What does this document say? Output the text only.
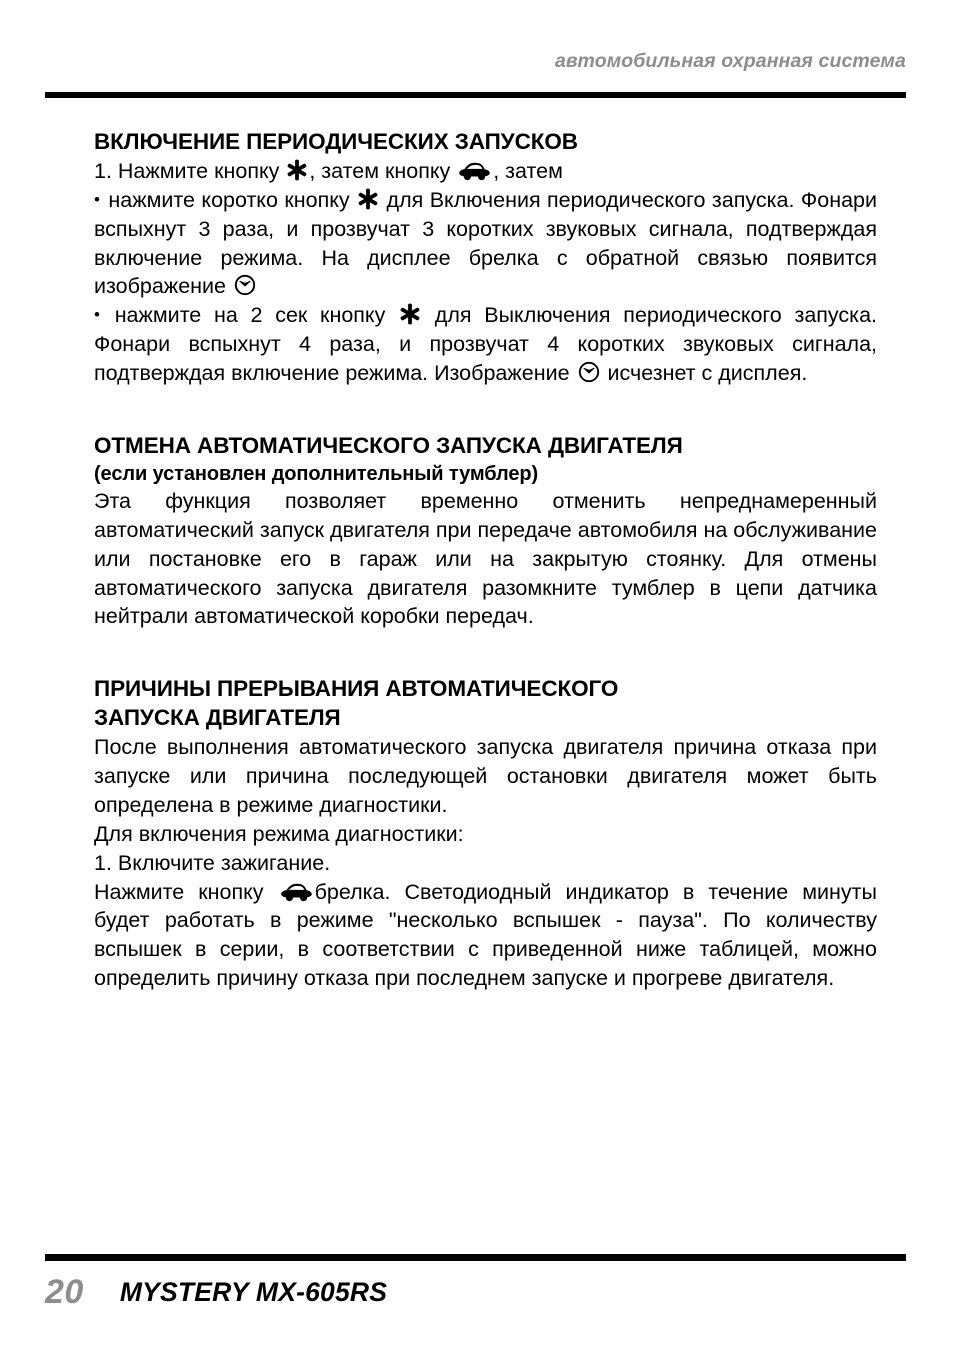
автомобильная охранная система
ВКЛЮЧЕНИЕ ПЕРИОДИЧЕСКИХ ЗАПУСКОВ

1. Нажмите кнопку , затем кнопку , затем

• нажмите коротко кнопку для Включения периодического запуска. Фонари вспыхнут 3 раза, и прозвучат 3 коротких звуковых сигнала, подтверждая включение режима. На дисплее брелка с обратной связью появится изображение

• нажмите на 2 сек кнопку для Выключения периодического запуска. Фонари вспыхнут 4 раза, и прозвучат 4 коротких звуковых сигнала, подтверждая включение режима. Изображение исчезнет с дисплея.

ОТМЕНА АВТОМАТИЧЕСКОГО ЗАПУСКА ДВИГАТЕЛЯ
(если установлен дополнительный тумблер)

Эта функция позволяет временно отменить непреднамеренный автоматический запуск двигателя при передаче автомобиля на обслуживание или постановке его в гараж или на закрытую стоянку. Для отмены автоматического запуска двигателя разомкните тумблер в цепи датчика нейтрали автоматической коробки передач.

ПРИЧИНЫ ПРЕРЫВАНИЯ АВТОМАТИЧЕСКОГО
ЗАПУСКА ДВИГАТЕЛЯ

После выполнения автоматического запуска двигателя причина отказа при запуске или причина последующей остановки двигателя может быть определена в режиме диагностики.

Для включения режима диагностики:

1. Включите зажигание.

Нажмите кнопку брелка. Светодиодный индикатор в течение минуты будет работать в режиме "несколько вспышек - пауза". По количеству вспышек в серии, в соответствии с приведенной ниже таблицей, можно определить причину отказа при последнем запуске и прогреве двигателя.

20 MYSTERY MX-605RS
